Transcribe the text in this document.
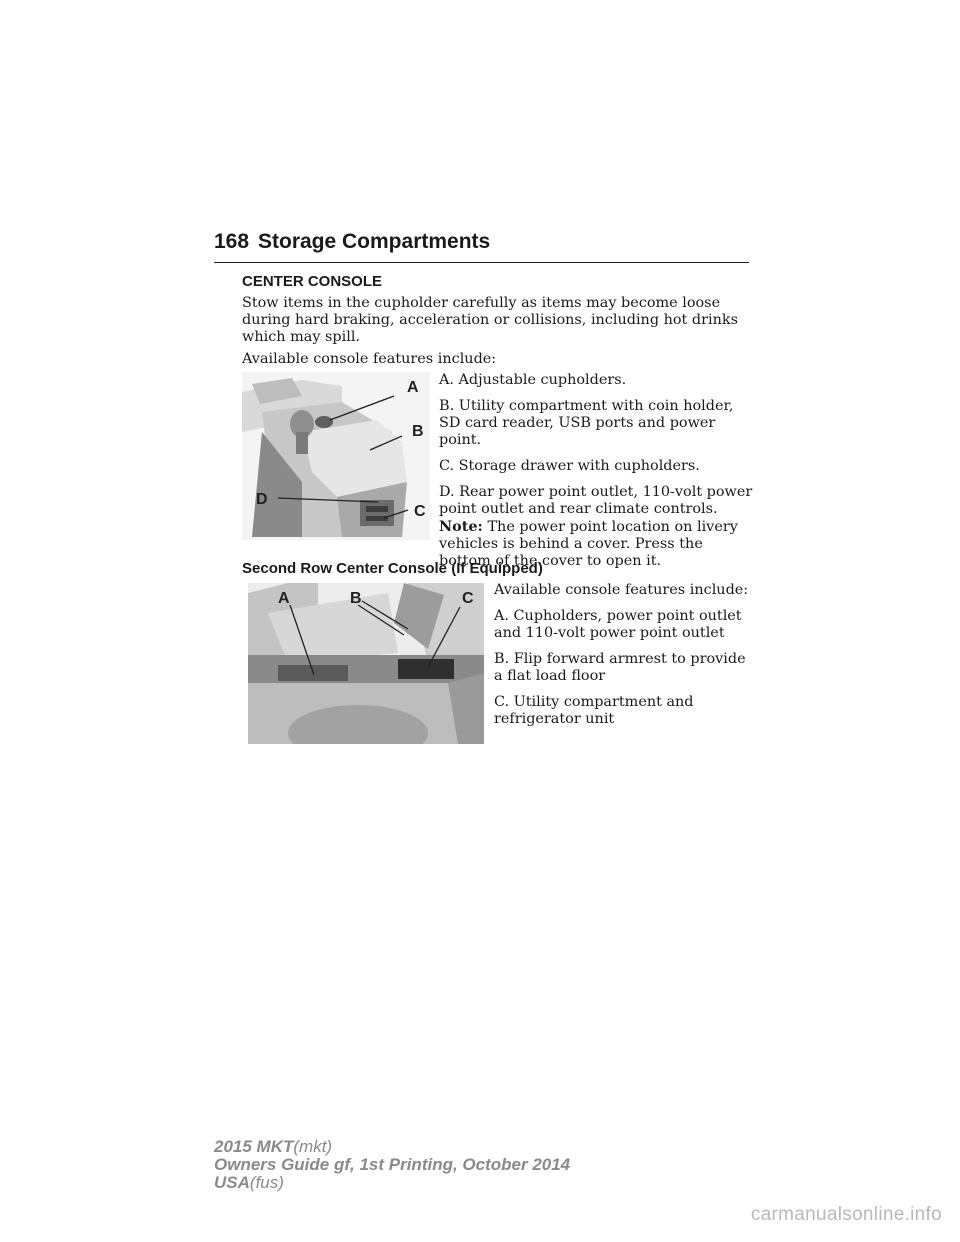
168 Storage Compartments
CENTER CONSOLE

Stow items in the cupholder carefully as items may become loose during hard braking, acceleration or collisions, including hot drinks which may spill.

Available console features include:

A
B
C
D

A. Adjustable cupholders.

B. Utility compartment with coin holder, SD card reader, USB ports and power point.

C. Storage drawer with cupholders.

D. Rear power point outlet, 110-volt power point outlet and rear climate controls.

Note: The power point location on livery vehicles is behind a cover. Press the bottom of the cover to open it.

Second Row Center Console (If Equipped)
A	B	C Available console features include:

A. Cupholders, power point outlet and 110-volt power point outlet

B. Flip forward armrest to provide a flat load floor

C. Utility compartment and refrigerator unit

2015 MKT(mkt)
Owners Guide gf, 1st Printing, October 2014
USA(fus)
carmanualsonline.info
